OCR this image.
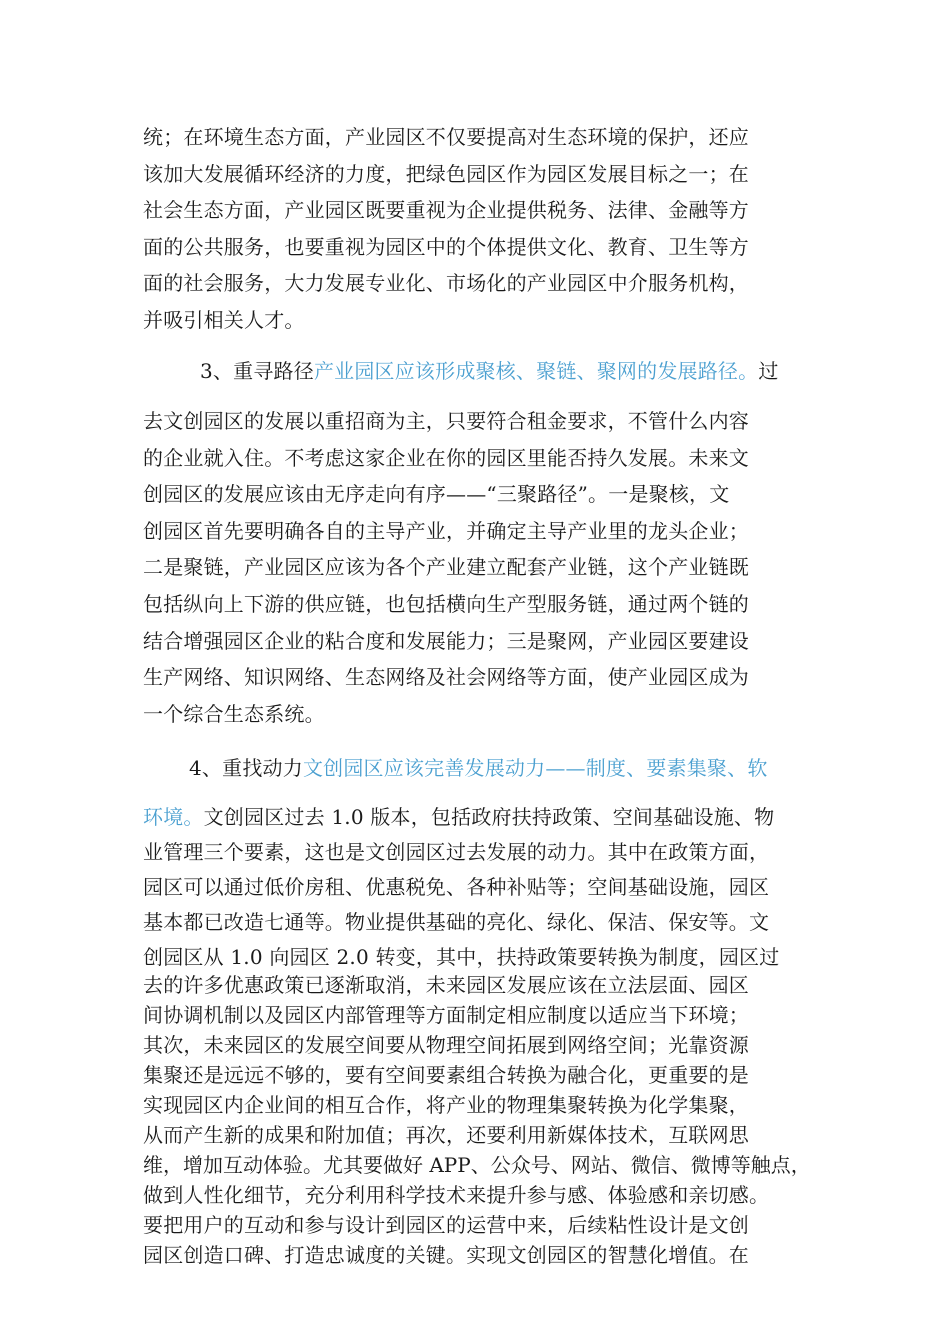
统；在环境生态方面，产业园区不仅要提高对生态环境的保护，还应
该加大发展循环经济的力度，把绿色园区作为园区发展目标之一；在
社会生态方面，产业园区既要重视为企业提供税务、法律、金融等方
面的公共服务，也要重视为园区中的个体提供文化、教育、卫生等方
面的社会服务，大力发展专业化、市场化的产业园区中介服务机构，
并吸引相关人才。
3、重寻路径产业园区应该形成聚核、聚链、聚网的发展路径。过
去文创园区的发展以重招商为主，只要符合租金要求，不管什么内容
的企业就入住。不考虑这家企业在你的园区里能否持久发展。未来文
创园区的发展应该由无序走向有序——“三聚路径”。一是聚核，文
创园区首先要明确各自的主导产业，并确定主导产业里的龙头企业；
二是聚链，产业园区应该为各个产业建立配套产业链，这个产业链既
包括纵向上下游的供应链，也包括横向生产型服务链，通过两个链的
结合增强园区企业的粘合度和发展能力；三是聚网，产业园区要建设
生产网络、知识网络、生态网络及社会网络等方面，使产业园区成为
一个综合生态系统。
4、重找动力文创园区应该完善发展动力——制度、要素集聚、软
环境。文创园区过去 1.0 版本，包括政府扶持政策、空间基础设施、物
业管理三个要素，这也是文创园区过去发展的动力。其中在政策方面，
园区可以通过低价房租、优惠税免、各种补贴等；空间基础设施，园区
基本都已改造七通等。物业提供基础的亮化、绿化、保洁、保安等。文
创园区从 1.0 向园区 2.0 转变，其中，扶持政策要转换为制度，园区过
去的许多优惠政策已逐渐取消，未来园区发展应该在立法层面、园区
间协调机制以及园区内部管理等方面制定相应制度以适应当下环境；
其次，未来园区的发展空间要从物理空间拓展到网络空间；光靠资源
集聚还是远远不够的，要有空间要素组合转换为融合化，更重要的是
实现园区内企业间的相互合作，将产业的物理集聚转换为化学集聚，
从而产生新的成果和附加值；再次，还要利用新媒体技术，互联网思
维，增加互动体验。尤其要做好 APP、公众号、网站、微信、微博等触点，
做到人性化细节，充分利用科学技术来提升参与感、体验感和亲切感。
要把用户的互动和参与设计到园区的运营中来，后续粘性设计是文创
园区创造口碑、打造忠诚度的关键。实现文创园区的智慧化增值。在
